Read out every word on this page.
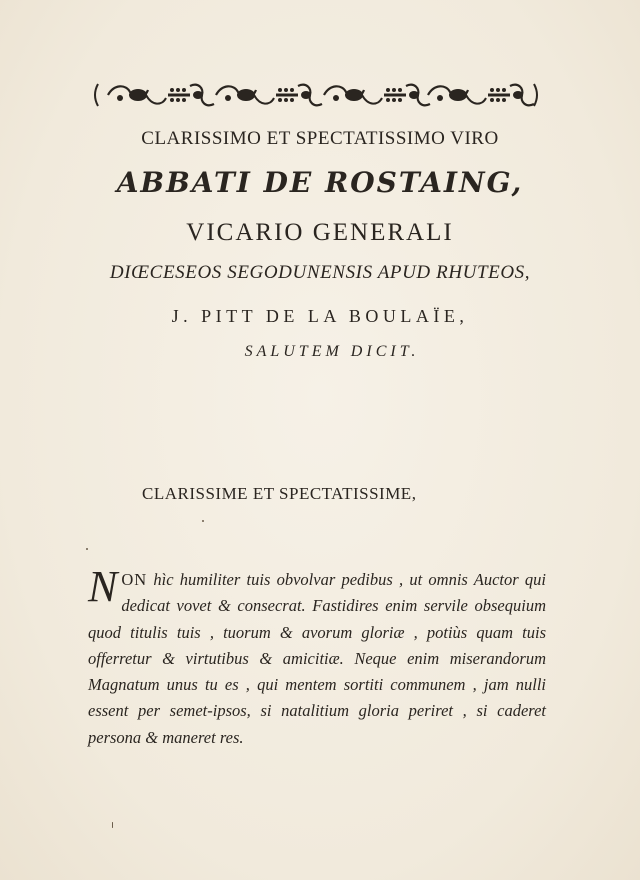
CLARISSIMO ET SPECTATISSIMO VIRO
ABBATI DE ROSTAING,
VICARIO GENERALI
DIŒCESEOS SEGODUNENSIS APUD RHUTEOS,
J. PITT DE LA BOULAÏE,
SALUTEM DICIT.
CLARISSIME ET SPECTATISSIME,
NON hìc humiliter tuis obvolvar pedibus , ut omnis Auctor qui dedicat vovet & consecrat. Fastidires enim servile obsequium quod titulis tuis , tuorum & avorum gloriæ , potiùs quam tuis offerretur & virtutibus & amicitiæ. Neque enim miserandorum Magnatum unus tu es , qui mentem sortiti communem , jam nulli essent per semet-ipsos, si natalitium gloria periret , si caderet persona & maneret res.
